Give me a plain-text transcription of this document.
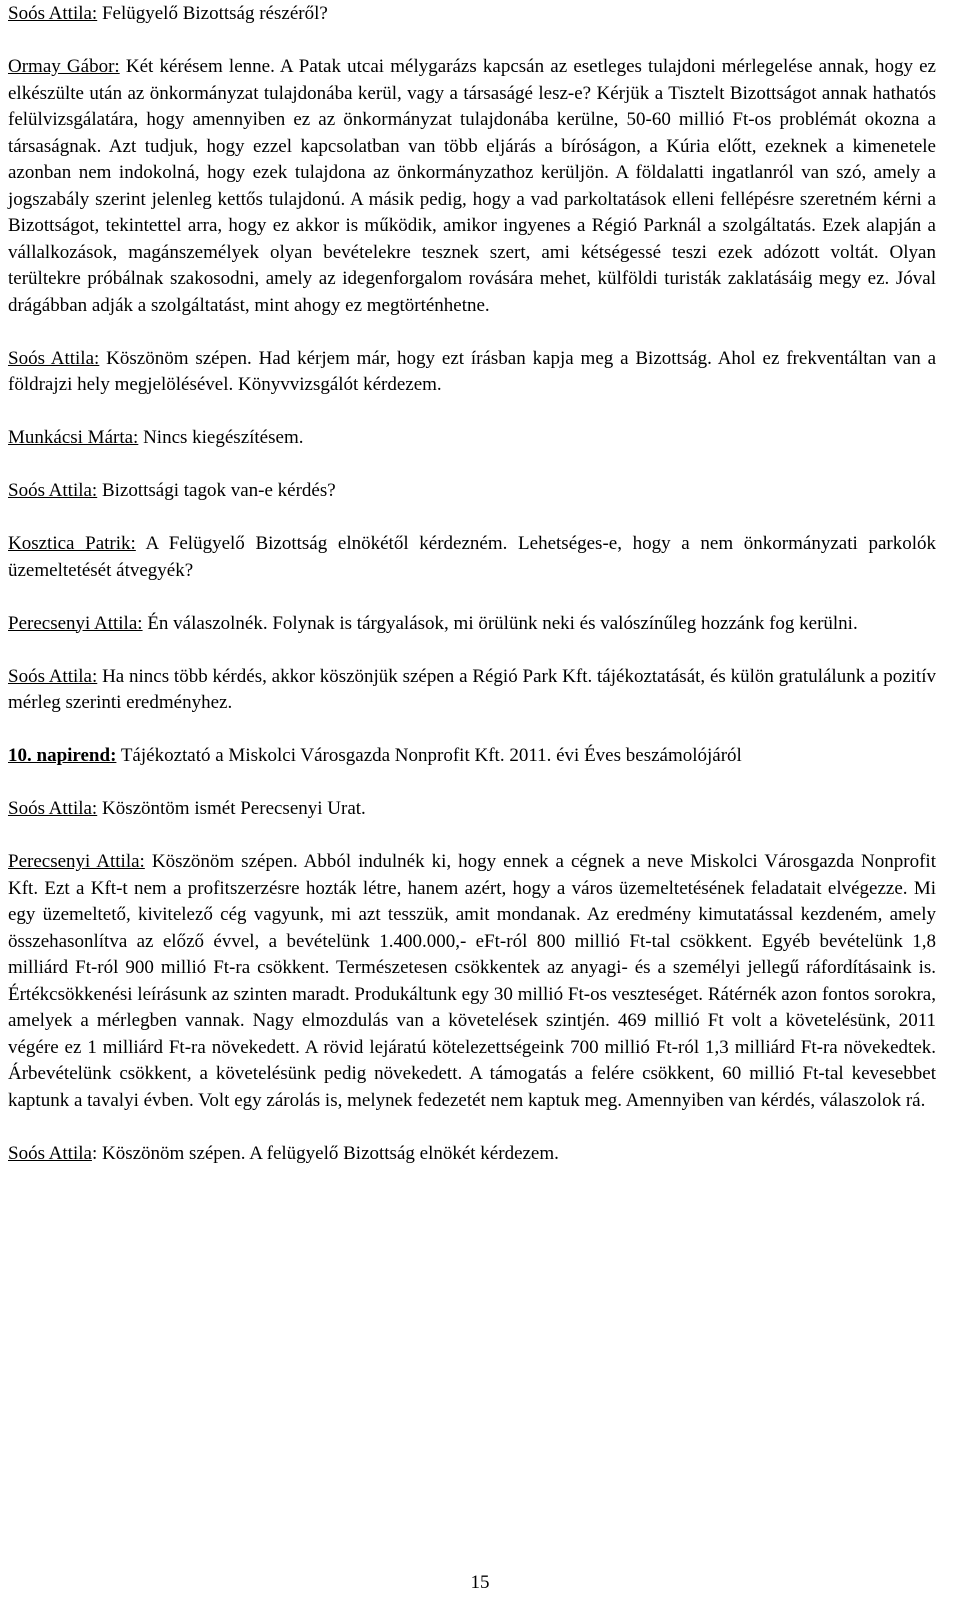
Soós Attila: Felügyelő Bizottság részéről?

Ormay Gábor: Két kérésem lenne. A Patak utcai mélygarázs kapcsán az esetleges tulajdoni mérlegelése annak, hogy ez elkészülte után az önkormányzat tulajdonába kerül, vagy a társaságé lesz-e? Kérjük a Tisztelt Bizottságot annak hathatós felülvizsgálatára, hogy amennyiben ez az önkormányzat tulajdonába kerülne, 50-60 millió Ft-os problémát okozna a társaságnak. Azt tudjuk, hogy ezzel kapcsolatban van több eljárás a bíróságon, a Kúria előtt, ezeknek a kimenetele azonban nem indokolná, hogy ezek tulajdona az önkormányzathoz kerüljön. A földalatti ingatlanról van szó, amely a jogszabály szerint jelenleg kettős tulajdonú. A másik pedig, hogy a vad parkoltatások elleni fellépésre szeretném kérni a Bizottságot, tekintettel arra, hogy ez akkor is működik, amikor ingyenes a Régió Parknál a szolgáltatás. Ezek alapján a vállalkozások, magánszemélyek olyan bevételekre tesznek szert, ami kétségessé teszi ezek adózott voltát. Olyan terültekre próbálnak szakosodni, amely az idegenforgalom rovására mehet, külföldi turisták zaklatásáig megy ez. Jóval drágábban adják a szolgáltatást, mint ahogy ez megtörténhetne.

Soós Attila: Köszönöm szépen. Had kérjem már, hogy ezt írásban kapja meg a Bizottság. Ahol ez frekventáltan van a földrajzi hely megjelölésével. Könyvvizsgálót kérdezem.

Munkácsi Márta: Nincs kiegészítésem.

Soós Attila: Bizottsági tagok van-e kérdés?

Kosztica Patrik: A Felügyelő Bizottság elnökétől kérdezném. Lehetséges-e, hogy a nem önkormányzati parkolók üzemeltetését átvegyék?

Perecsenyi Attila: Én válaszolnék. Folynak is tárgyalások, mi örülünk neki és valószínűleg hozzánk fog kerülni.

Soós Attila: Ha nincs több kérdés, akkor köszönjük szépen a Régió Park Kft. tájékoztatását, és külön gratulálunk a pozitív mérleg szerinti eredményhez.

10. napirend: Tájékoztató a Miskolci Városgazda Nonprofit Kft. 2011. évi Éves beszámolójáról

Soós Attila: Köszöntöm ismét Perecsenyi Urat.

Perecsenyi Attila: Köszönöm szépen. Abból indulnék ki, hogy ennek a cégnek a neve Miskolci Városgazda Nonprofit Kft. Ezt a Kft-t nem a profitszerzésre hozták létre, hanem azért, hogy a város üzemeltetésének feladatait elvégezze. Mi egy üzemeltető, kivitelező cég vagyunk, mi azt tesszük, amit mondanak. Az eredmény kimutatással kezdeném, amely összehasonlítva az előző évvel, a bevételünk 1.400.000,- eFt-ról 800 millió Ft-tal csökkent. Egyéb bevételünk 1,8 milliárd Ft-ról 900 millió Ft-ra csökkent. Természetesen csökkentek az anyagi- és a személyi jellegű ráfordításaink is. Értékcsökkenési leírásunk az szinten maradt. Produkáltunk egy 30 millió Ft-os veszteséget. Rátérnék azon fontos sorokra, amelyek a mérlegben vannak. Nagy elmozdulás van a követelések szintjén. 469 millió Ft volt a követelésünk, 2011 végére ez 1 milliárd Ft-ra növekedett. A rövid lejáratú kötelezettségeink 700 millió Ft-ról 1,3 milliárd Ft-ra növekedtek. Árbevételünk csökkent, a követelésünk pedig növekedett. A támogatás a felére csökkent, 60 millió Ft-tal kevesebbet kaptunk a tavalyi évben. Volt egy zárolás is, melynek fedezetét nem kaptuk meg. Amennyiben van kérdés, válaszolok rá.

Soós Attila: Köszönöm szépen. A felügyelő Bizottság elnökét kérdezem.

15
